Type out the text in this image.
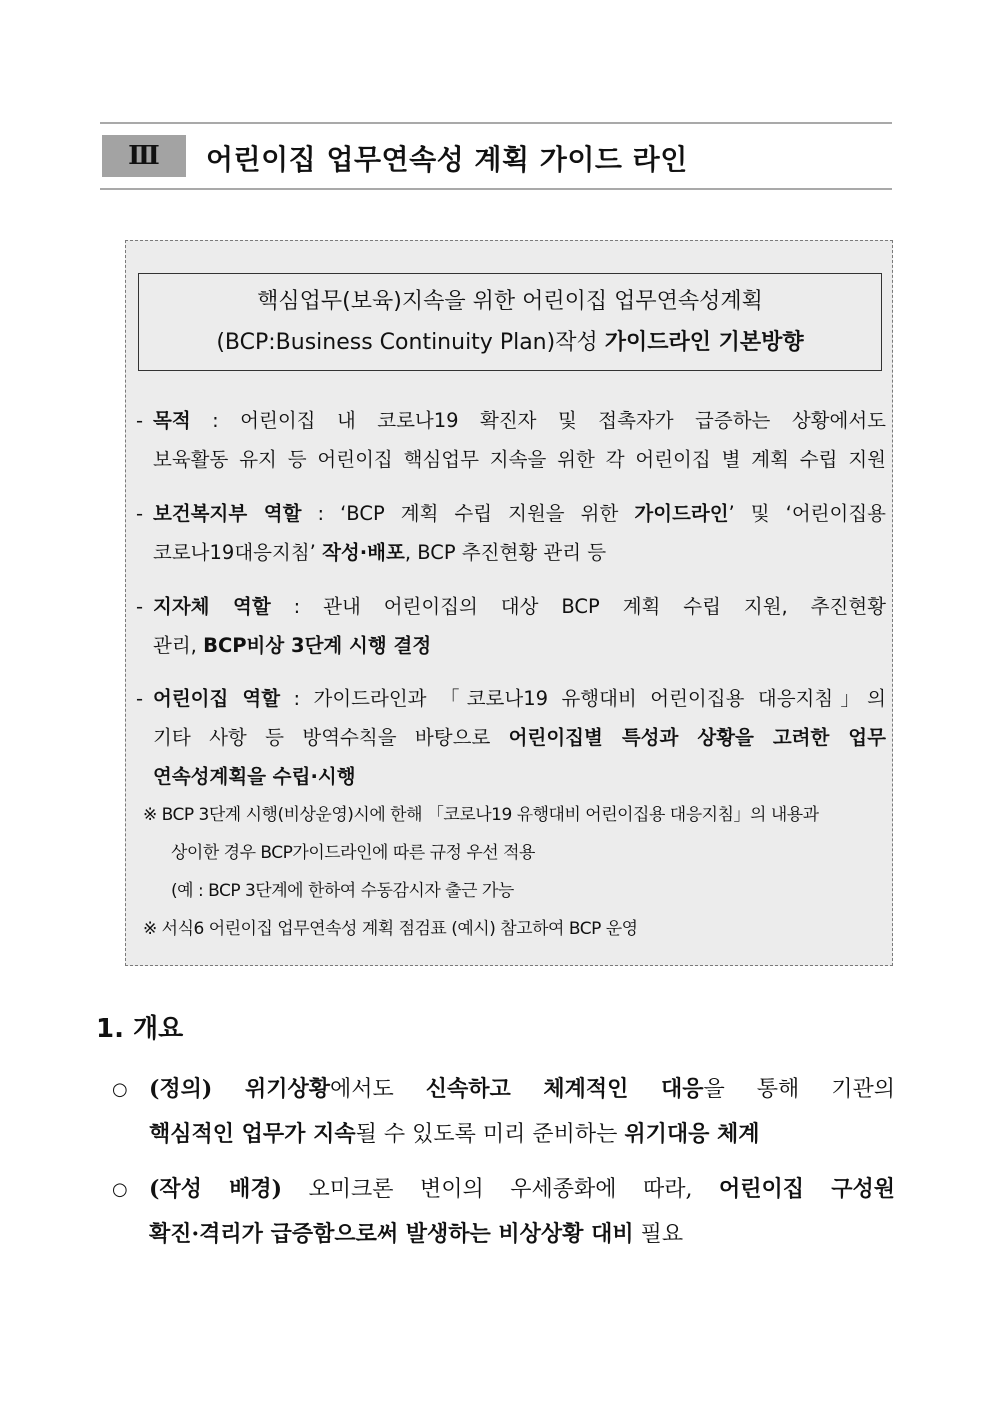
Ⅲ	어린이집 업무연속성 계획 가이드 라인
핵심업무(보육)지속을 위한 어린이집 업무연속성계획
(BCP:Business Continuity Plan)작성 가이드라인 기본방향
- 목적 : 어린이집 내 코로나19 확진자 및 접촉자가 급증하는 상황에서도
보육활동 유지 등 어린이집 핵심업무 지속을 위한 각 어린이집 별 계획 수립 지원
- 보건복지부 역할 : ‘BCP 계획 수립 지원을 위한 가이드라인’ 및 ‘어린이집용
코로나19대응지침’ 작성·배포, BCP 추진현황 관리 등
- 지자체 역할 : 관내 어린이집의 대상 BCP 계획 수립 지원, 추진현황
관리, BCP비상 3단계 시행 결정
- 어린이집 역할 : 가이드라인과 「코로나19 유행대비 어린이집용 대응지침」의
기타 사항 등 방역수칙을 바탕으로 어린이집별 특성과 상황을 고려한 업무
연속성계획을 수립·시행
※ BCP 3단계 시행(비상운영)시에 한해 「코로나19 유행대비 어린이집용 대응지침」의 내용과
상이한 경우 BCP가이드라인에 따른 규정 우선 적용
(예 : BCP 3단계에 한하여 수동감시자 출근 가능
※ 서식6 어린이집 업무연속성 계획 점검표 (예시) 참고하여 BCP 운영
1. 개요
○ (정의) 위기상황에서도 신속하고 체계적인 대응을 통해 기관의
핵심적인 업무가 지속될 수 있도록 미리 준비하는 위기대응 체계
○ (작성 배경) 오미크론 변이의 우세종화에 따라, 어린이집 구성원
확진·격리가 급증함으로써 발생하는 비상상황 대비 필요
